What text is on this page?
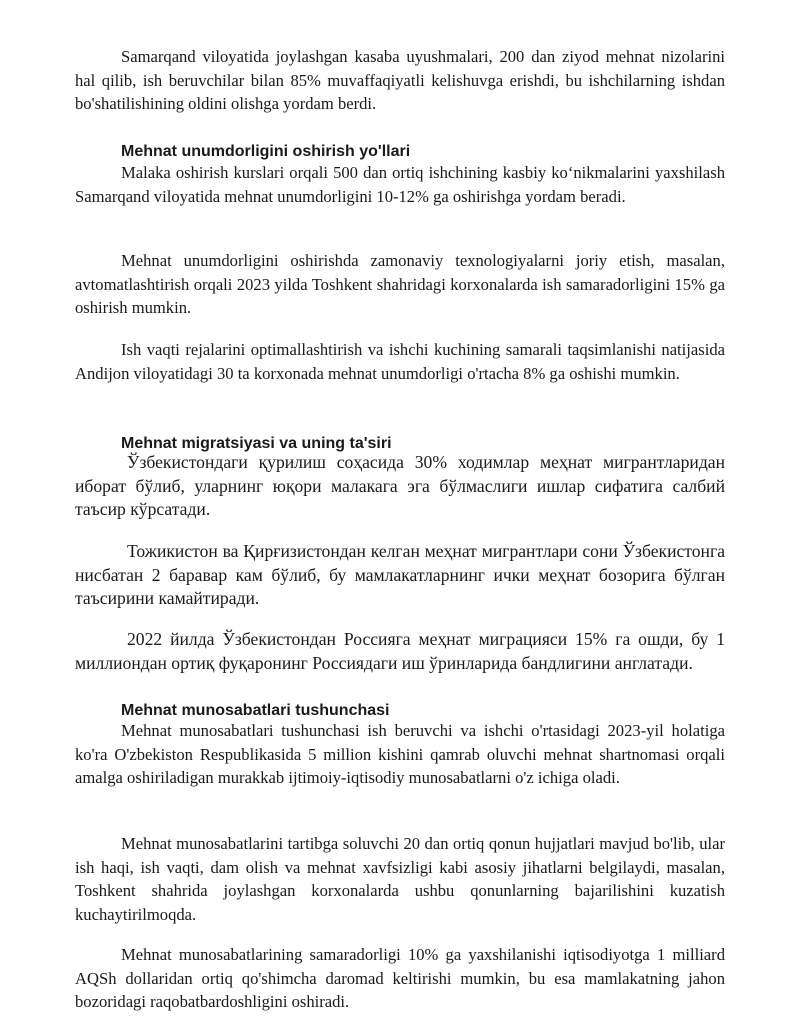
Samarqand viloyatida joylashgan kasaba uyushmalari, 200 dan ziyod mehnat nizolarini hal qilib, ish beruvchilar bilan 85% muvaffaqiyatli kelishuvga erishdi, bu ishchilarning ishdan bo'shatilishining oldini olishga yordam berdi.

Mehnat unumdorligini oshirish yo'llari

Malaka oshirish kurslari orqali 500 dan ortiq ishchining kasbiy ko‘nikmalarini yaxshilash Samarqand viloyatida mehnat unumdorligini 10-12% ga oshirishga yordam beradi.

Mehnat unumdorligini oshirishda zamonaviy texnologiyalarni joriy etish, masalan, avtomatlashtirish orqali 2023 yilda Toshkent shahridagi korxonalarda ish samaradorligini 15% ga oshirish mumkin.

Ish vaqti rejalarini optimallashtirish va ishchi kuchining samarali taqsimlanishi natijasida Andijon viloyatidagi 30 ta korxonada mehnat unumdorligi o'rtacha 8% ga oshishi mumkin.

Mehnat migratsiyasi va uning ta'siri

Ўзбекистондаги қурилиш соҳасида 30% ходимлар меҳнат мигрантларидан иборат бўлиб, уларнинг юқори малакага эга бўлмаслиги ишлар сифатига салбий таъсир кўрсатади.

Тожикистон ва Қирғизистондан келган меҳнат мигрантлари сони Ўзбекистонга нисбатан 2 баравар кам бўлиб, бу мамлакатларнинг ички меҳнат бозорига бўлган таъсирини камайтиради.

2022 йилда Ўзбекистондан Россияга меҳнат миграцияси 15% га ошди, бу 1 миллиондан ортиқ фуқаронинг Россиядаги иш ўринларида бандлигини англатади.

Mehnat munosabatlari tushunchasi

Mehnat munosabatlari tushunchasi ish beruvchi va ishchi o'rtasidagi 2023-yil holatiga ko'ra O'zbekiston Respublikasida 5 million kishini qamrab oluvchi mehnat shartnomasi orqali amalga oshiriladigan murakkab ijtimoiy-iqtisodiy munosabatlarni o'z ichiga oladi.

Mehnat munosabatlarini tartibga soluvchi 20 dan ortiq qonun hujjatlari mavjud bo'lib, ular ish haqi, ish vaqti, dam olish va mehnat xavfsizligi kabi asosiy jihatlarni belgilaydi, masalan, Toshkent shahrida joylashgan korxonalarda ushbu qonunlarning bajarilishini kuzatish kuchaytirilmoqda.

Mehnat munosabatlarining samaradorligi 10% ga yaxshilanishi iqtisodiyotga 1 milliard AQSh dollaridan ortiq qo'shimcha daromad keltirishi mumkin, bu esa mamlakatning jahon bozoridagi raqobatbardoshligini oshiradi.
